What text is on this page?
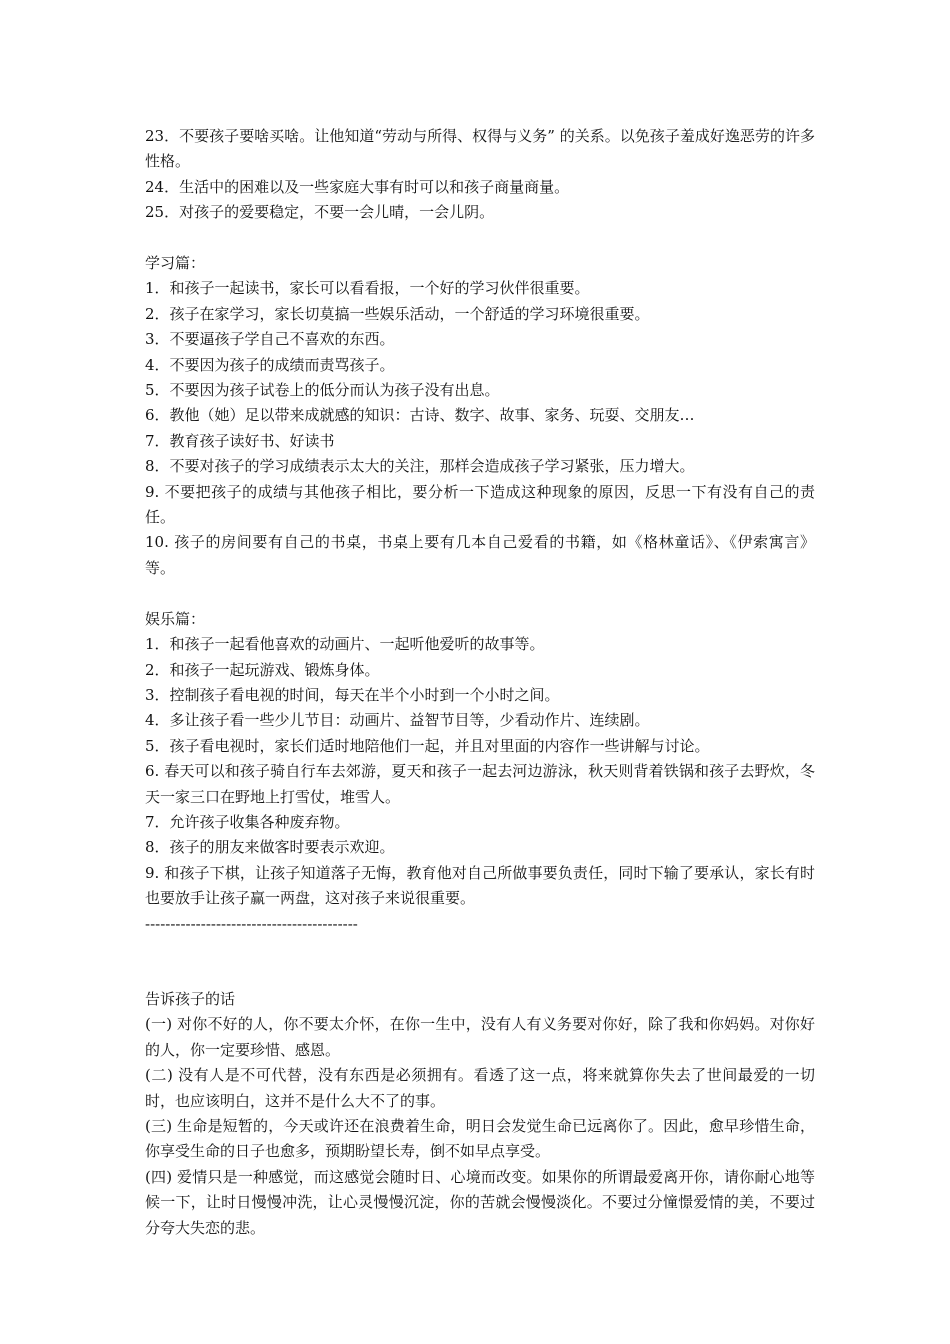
23．不要孩子要啥买啥。让他知道“劳动与所得、权得与义务” 的关系。以免孩子羞成好逸恶劳的许多性格。

24．生活中的困难以及一些家庭大事有时可以和孩子商量商量。

25．对孩子的爱要稳定，不要一会儿晴，一会儿阴。

学习篇：

1．和孩子一起读书，家长可以看看报，一个好的学习伙伴很重要。

2．孩子在家学习，家长切莫搞一些娱乐活动，一个舒适的学习环境很重要。

3．不要逼孩子学自己不喜欢的东西。

4．不要因为孩子的成绩而责骂孩子。

5．不要因为孩子试卷上的低分而认为孩子没有出息。

6．教他（她）足以带来成就感的知识：古诗、数字、故事、家务、玩耍、交朋友…

7．教育孩子读好书、好读书

8．不要对孩子的学习成绩表示太大的关注，那样会造成孩子学习紧张，压力增大。

9. 不要把孩子的成绩与其他孩子相比，要分析一下造成这种现象的原因，反思一下有没有自己的责任。

10. 孩子的房间要有自己的书桌，书桌上要有几本自己爱看的书籍，如《格林童话》、《伊索寓言》等。

娱乐篇：

1．和孩子一起看他喜欢的动画片、一起听他爱听的故事等。

2．和孩子一起玩游戏、锻炼身体。

3．控制孩子看电视的时间，每天在半个小时到一个小时之间。

4．多让孩子看一些少儿节目：动画片、益智节目等，少看动作片、连续剧。

5．孩子看电视时，家长们适时地陪他们一起，并且对里面的内容作一些讲解与讨论。

6. 春天可以和孩子骑自行车去郊游，夏天和孩子一起去河边游泳，秋天则背着铁锅和孩子去野炊，冬天一家三口在野地上打雪仗，堆雪人。

7．允许孩子收集各种废弃物。

8．孩子的朋友来做客时要表示欢迎。

9. 和孩子下棋，让孩子知道落子无悔，教育他对自己所做事要负责任，同时下输了要承认，家长有时也要放手让孩子赢一两盘，这对孩子来说很重要。

------------------------------------------

告诉孩子的话

(一) 对你不好的人，你不要太介怀，在你一生中，没有人有义务要对你好，除了我和你妈妈。对你好的人，你一定要珍惜、感恩。

(二) 没有人是不可代替，没有东西是必须拥有。看透了这一点，将来就算你失去了世间最爱的一切时，也应该明白，这并不是什么大不了的事。

(三) 生命是短暂的，今天或许还在浪费着生命，明日会发觉生命已远离你了。因此，愈早珍惜生命，你享受生命的日子也愈多，预期盼望长寿，倒不如早点享受。

(四) 爱情只是一种感觉，而这感觉会随时日、心境而改变。如果你的所谓最爱离开你，请你耐心地等候一下，让时日慢慢冲洗，让心灵慢慢沉淀，你的苦就会慢慢淡化。不要过分憧憬爱情的美，不要过分夸大失恋的悲。
